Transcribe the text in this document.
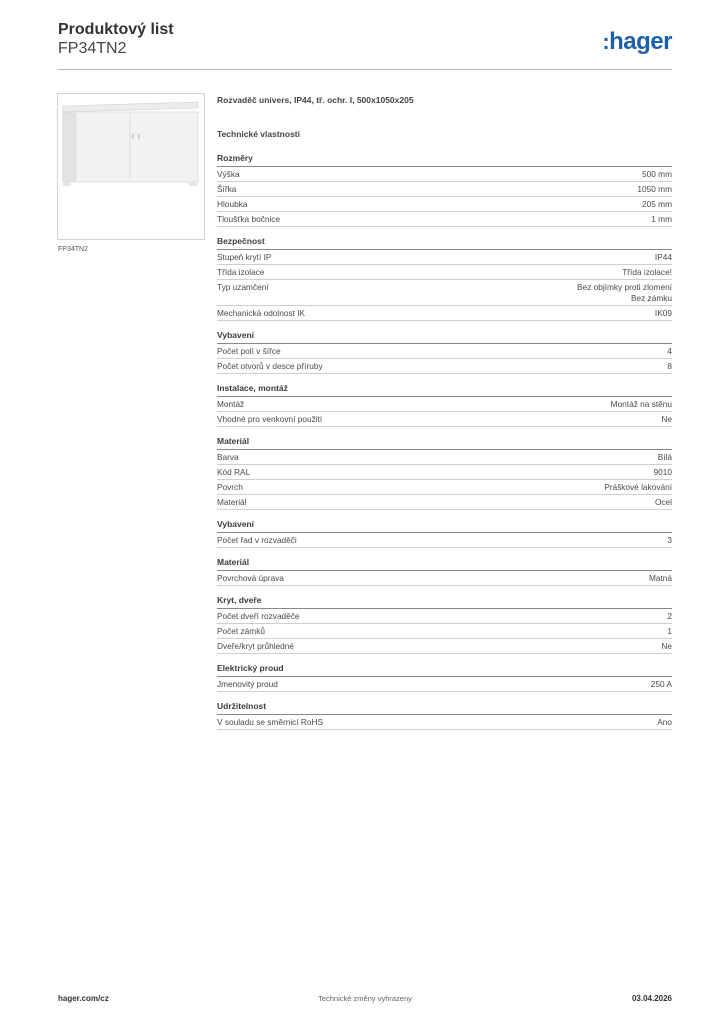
Produktový list
FP34TN2	:hager
FP34TN2
Rozvaděč univers, IP44, tř. ochr. I, 500x1050x205
Technické vlastnosti
Rozměry
Výška	500 mm
Šířka	1050 mm
Hloubka	205 mm
Tloušťka bočnice	1 mm
Bezpečnost
Stupeň krytí IP	IP44
Třída izolace	Třída izolace!
Typ uzamčení	Bez objímky proti zlomení
Bez zámku
Mechanická odolnost IK	IK09
Vybavení
Počet polí v šířce	4
Počet otvorů v desce příruby	8
Instalace, montáž
Montáž	Montáž na stěnu
Vhodné pro venkovní použití	Ne
Materiál
Barva	Bílá
Kód RAL	9010
Povrch	Práškové lakování
Materiál	Ocel
Vybavení
Počet řad v rozvaděči	3
Materiál
Povrchová úprava	Matná
Kryt, dveře
Počet dveří rozvaděče	2
Počet zámků	1
Dveře/kryt průhledné	Ne
Elektrický proud
Jmenovitý proud	250 A
Udržitelnost
V souladu se směrnicí RoHS	Ano
hager.com/cz	Technické změny vyhrazeny	03.04.2026
